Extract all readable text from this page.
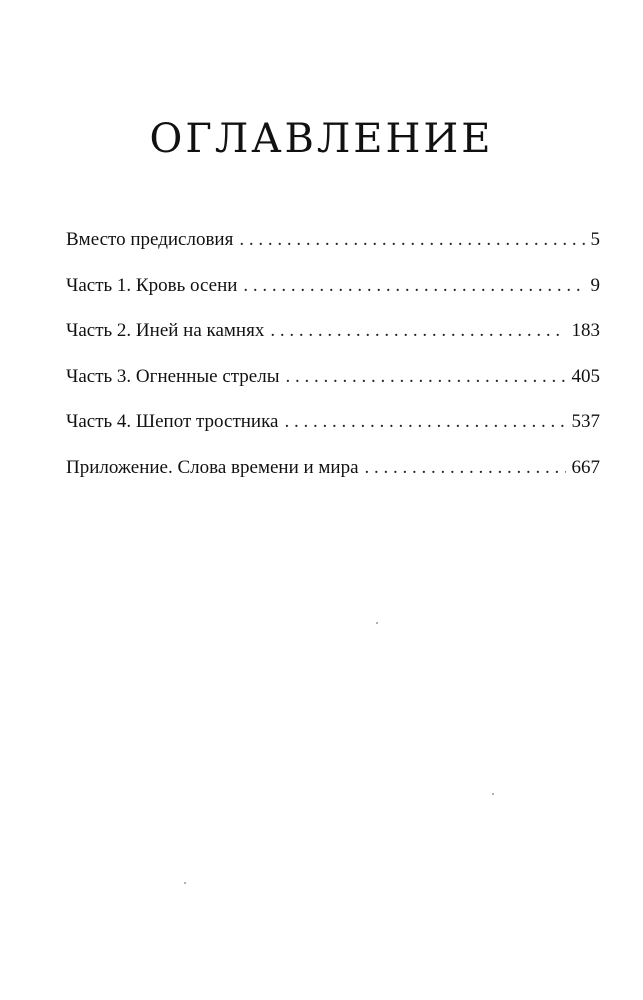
ОГЛАВЛЕНИЕ
Вместо предисловия . . .	5
Часть 1. Кровь осени . . .	9
Часть 2. Иней на камнях . . .	183
Часть 3. Огненные стрелы . . .	405
Часть 4. Шепот тростника . . .	537
Приложение. Слова времени и мира . . .	667
